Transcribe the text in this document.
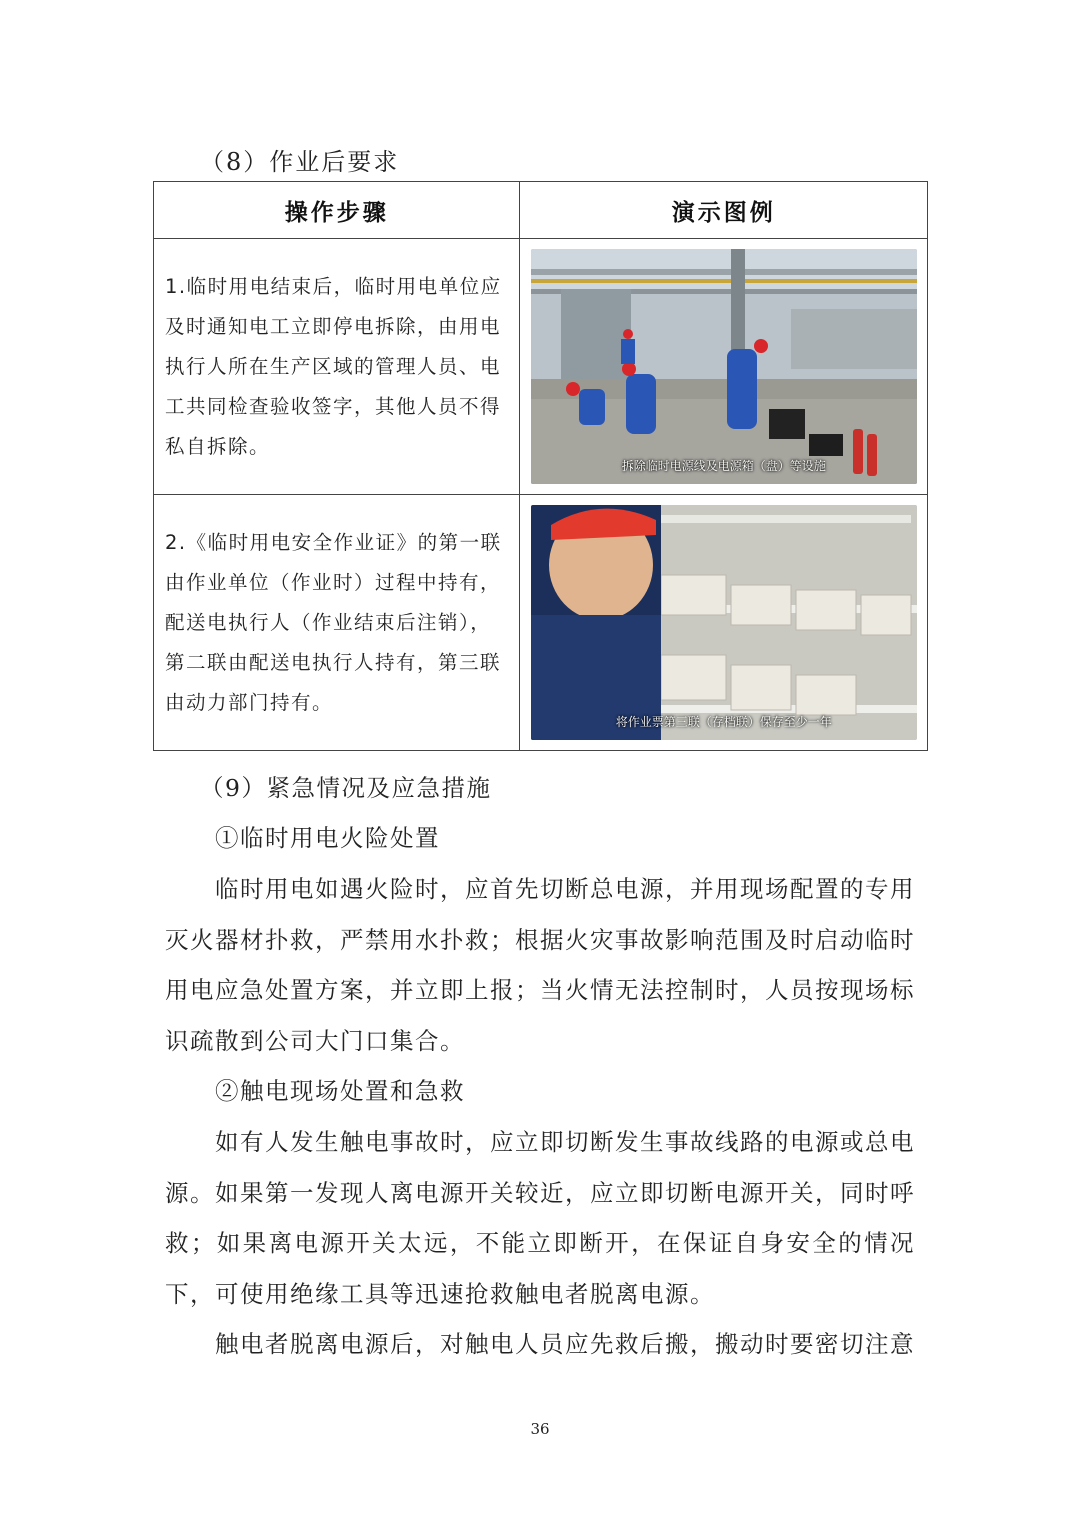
（8）作业后要求
操作步骤	演示图例

1.临时用电结束后，临时用电单位应及时通知电工立即停电拆除，由用电执行人所在生产区域的管理人员、电工共同检查验收签字，其他人员不得私自拆除。	拆除临时电源线及电源箱（盘）等设施

2.《临时用电安全作业证》的第一联由作业单位（作业时）过程中持有，配送电执行人（作业结束后注销），第二联由配送电执行人持有，第三联由动力部门持有。	将作业票第三联（存档联）保存至少一年
（9）紧急情况及应急措施
①临时用电火险处置
临时用电如遇火险时，应首先切断总电源，并用现场配置的专用灭火器材扑救，严禁用水扑救；根据火灾事故影响范围及时启动临时用电应急处置方案，并立即上报；当火情无法控制时，人员按现场标识疏散到公司大门口集合。
②触电现场处置和急救
如有人发生触电事故时，应立即切断发生事故线路的电源或总电源。如果第一发现人离电源开关较近，应立即切断电源开关，同时呼救；如果离电源开关太远，不能立即断开，在保证自身安全的情况下，可使用绝缘工具等迅速抢救触电者脱离电源。
触电者脱离电源后，对触电人员应先救后搬，搬动时要密切注意
36
